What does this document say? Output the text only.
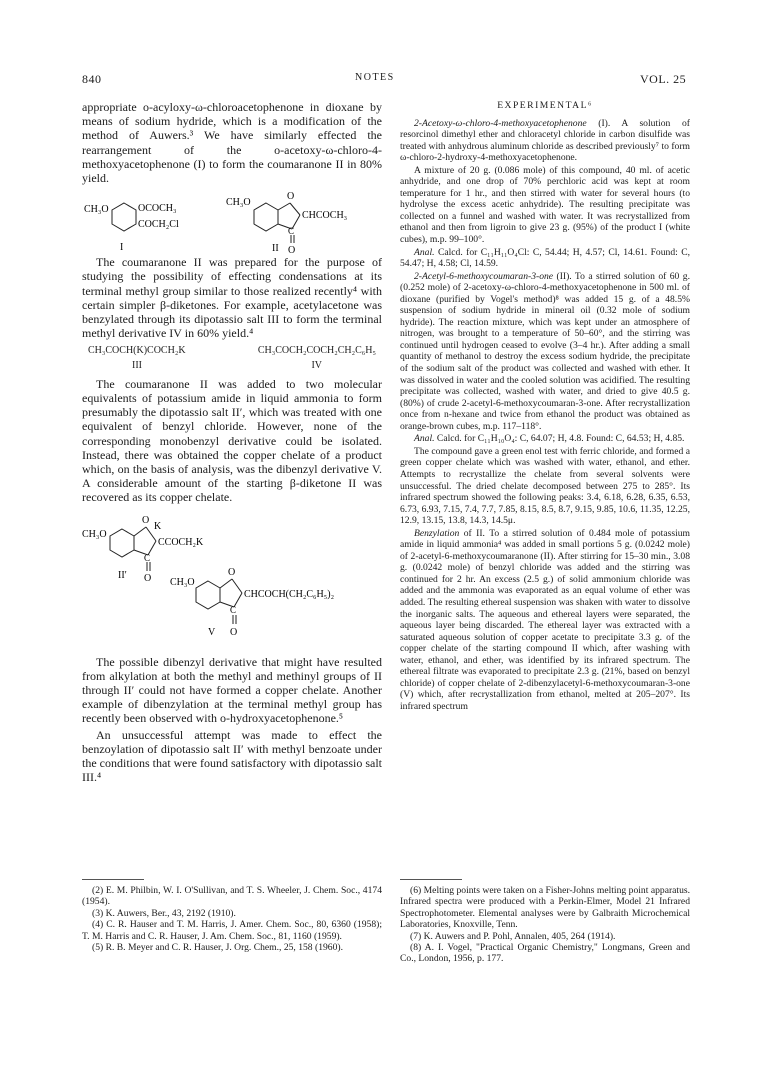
840	NOTES	VOL. 25

appropriate o-acyloxy-ω-chloroacetophenone in dioxane by means of sodium hydride, which is a modification of the method of Auwers.³ We have similarly effected the rearrangement of the o-acetoxy-ω-chloro-4-methoxyacetophenone (I) to form the coumaranone II in 80% yield.

CH₃O	OCOCH₃
COCH₂Cl
I
CH₃O
O
CHCOCH₃
C
O
II

The coumaranone II was prepared for the purpose of studying the possibility of effecting condensations at its terminal methyl group similar to those realized recently⁴ with certain simpler β-diketones. For example, acetylacetone was benzylated through its dipotassio salt III to form the terminal methyl derivative IV in 60% yield.⁴

CH₃COCH(K)COCH₂K	CH₃COCH₂COCH₂CH₂C₆H₅
III	IV

The coumaranone II was added to two molecular equivalents of potassium amide in liquid ammonia to form presumably the dipotassio salt II′, which was treated with one equivalent of benzyl chloride. However, none of the corresponding monobenzyl derivative could be isolated. Instead, there was obtained the copper chelate of a product which, on the basis of analysis, was the dibenzyl derivative V. A considerable amount of the starting β-diketone II was recovered as its copper chelate.

CH₃O
O
K
CCOCH₂K
C
O
II′
CH₃O
O
CHCOCH(CH₂C₆H₅)₂
C
O
V

The possible dibenzyl derivative that might have resulted from alkylation at both the methyl and methinyl groups of II through II′ could not have formed a copper chelate. Another example of dibenzylation at the terminal methyl group has recently been observed with o-hydroxyacetophenone.⁵

An unsuccessful attempt was made to effect the benzoylation of dipotassio salt II′ with methyl benzoate under the conditions that were found satisfactory with dipotassio salt III.⁴

EXPERIMENTAL⁶

2-Acetoxy-ω-chloro-4-methoxyacetophenone (I). A solution of resorcinol dimethyl ether and chloracetyl chloride in carbon disulfide was treated with anhydrous aluminum chloride as described previously⁷ to form ω-chloro-2-hydroxy-4-methoxyacetophenone.

A mixture of 20 g. (0.086 mole) of this compound, 40 ml. of acetic anhydride, and one drop of 70% perchloric acid was kept at room temperature for 1 hr., and then stirred with water for several hours (to hydrolyse the excess acetic anhydride). The resulting precipitate was collected on a funnel and washed with water. It was recrystallized from ethanol and then from ligroin to give 23 g. (95%) of the product I (white cubes), m.p. 99–100°.

Anal. Calcd. for C₁₁H₁₁O₄Cl: C, 54.44; H, 4.57; Cl, 14.61. Found: C, 54.47; H, 4.58; Cl, 14.59.

2-Acetyl-6-methoxycoumaran-3-one (II). To a stirred solution of 60 g. (0.252 mole) of 2-acetoxy-ω-chloro-4-methoxyacetophenone in 500 ml. of dioxane (purified by Vogel's method)⁸ was added 15 g. of a 48.5% suspension of sodium hydride in mineral oil (0.32 mole of sodium hydride). The reaction mixture, which was kept under an atmosphere of nitrogen, was brought to a temperature of 50–60°, and the stirring was continued until hydrogen ceased to evolve (3–4 hr.). After adding a small quantity of methanol to destroy the excess sodium hydride, the precipitate of the sodium salt of the product was collected and washed with ether. It was dissolved in water and the cooled solution was acidified. The resulting precipitate was collected, washed with water, and dried to give 40.5 g. (80%) of crude 2-acetyl-6-methoxycoumaran-3-one. After recrystallization once from n-hexane and twice from ethanol the product was obtained as orange-brown cubes, m.p. 117–118°.

Anal. Calcd. for C₁₁H₁₀O₄: C, 64.07; H, 4.8. Found: C, 64.53; H, 4.85.

The compound gave a green enol test with ferric chloride, and formed a green copper chelate which was washed with water, ethanol, and ether. Attempts to recrystallize the chelate from several solvents were unsuccessful. The dried chelate decomposed between 275 to 285°. Its infrared spectrum showed the following peaks: 3.4, 6.18, 6.28, 6.35, 6.53, 6.73, 6.93, 7.15, 7.4, 7.7, 7.85, 8.15, 8.5, 8.7, 9.15, 9.85, 10.6, 11.35, 12.25, 12.9, 13.15, 13.8, 14.3, 14.5μ.

Benzylation of II. To a stirred solution of 0.484 mole of potassium amide in liquid ammonia⁴ was added in small portions 5 g. (0.0242 mole) of 2-acetyl-6-methoxycoumaranone (II). After stirring for 15–30 min., 3.08 g. (0.0242 mole) of benzyl chloride was added and the stirring was continued for 2 hr. An excess (2.5 g.) of solid ammonium chloride was added and the ammonia was evaporated as an equal volume of ether was added. The resulting ethereal suspension was shaken with water to dissolve the inorganic salts. The aqueous and ethereal layers were separated, the aqueous layer being discarded. The ethereal layer was extracted with a saturated aqueous solution of copper acetate to precipitate 3.3 g. of the copper chelate of the starting compound II which, after washing with water, ethanol, and ether, was identified by its infrared spectrum. The ethereal filtrate was evaporated to precipitate 2.3 g. (21%, based on benzyl chloride) of copper chelate of 2-dibenzylacetyl-6-methoxycoumaran-3-one (V) which, after recrystallization from ethanol, melted at 205–207°. Its infrared spectrum

(2) E. M. Philbin, W. I. O'Sullivan, and T. S. Wheeler, J. Chem. Soc., 4174 (1954).

(3) K. Auwers, Ber., 43, 2192 (1910).

(4) C. R. Hauser and T. M. Harris, J. Amer. Chem. Soc., 80, 6360 (1958); T. M. Harris and C. R. Hauser, J. Am. Chem. Soc., 81, 1160 (1959).

(5) R. B. Meyer and C. R. Hauser, J. Org. Chem., 25, 158 (1960).

(6) Melting points were taken on a Fisher-Johns melting point apparatus. Infrared spectra were produced with a Perkin-Elmer, Model 21 Infrared Spectrophotometer. Elemental analyses were by Galbraith Microchemical Laboratories, Knoxville, Tenn.

(7) K. Auwers and P. Pohl, Annalen, 405, 264 (1914).

(8) A. I. Vogel, "Practical Organic Chemistry," Longmans, Green and Co., London, 1956, p. 177.
